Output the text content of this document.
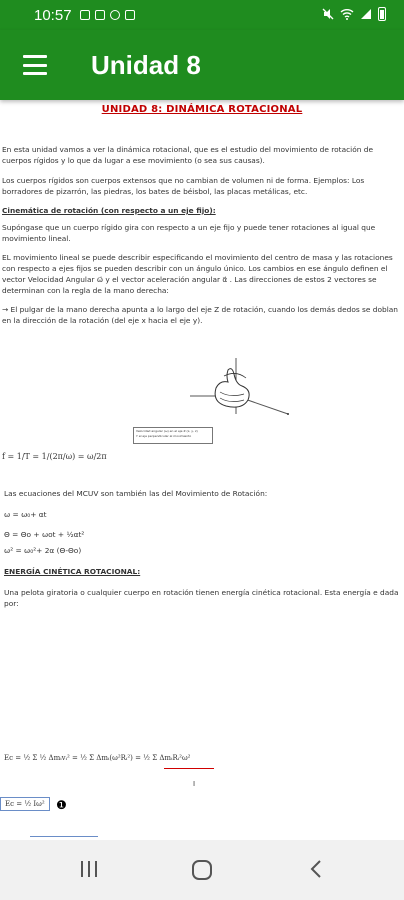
10:57
Unidad 8
UNIDAD 8: DINÁMICA ROTACIONAL

En esta unidad vamos a ver la dinámica rotacional, que es el estudio del movimiento de rotación de cuerpos rígidos y lo que da lugar a ese movimiento (o sea sus causas).

Los cuerpos rígidos son cuerpos extensos que no cambian de volumen ni de forma. Ejemplos: Los borradores de pizarrón, las piedras, los bates de béisbol, las placas metálicas, etc.

Cinemática de rotación (con respecto a un eje fijo):

Supóngase que un cuerpo rígido gira con respecto a un eje fijo y puede tener rotaciones al igual que movimiento lineal.

EL movimiento lineal se puede describir especificando el movimiento del centro de masa y las rotaciones con respecto a ejes fijos se pueden describir con un ángulo único. Los cambios en ese ángulo definen el vector Velocidad Angular ω⃗ y el vector aceleración angular α⃗ . Las direcciones de estos 2 vectores se determinan con la regla de la mano derecha:

→ El pulgar de la mano derecha apunta a lo largo del eje Z de rotación, cuando los demás dedos se doblan en la dirección de la rotación (del eje x hacia el eje y).

Velocidad angular (ω) en el eje Z (x, y, z)
Y el eje perpendicular al movimiento
f = 1/T = 1/(2π/ω) = ω/2π

Las ecuaciones del MCUV son también las del Movimiento de Rotación:

ω = ω₀+ αt

Θ = Θo + ωot + ½αt²

ω² = ω₀²+ 2α (Θ-Θo)

ENERGÍA CINÉTICA ROTACIONAL:

Una pelota giratoria o cualquier cuerpo en rotación tienen energía cinética rotacional. Esta energía e dada por:

Ec = ½ Σ ½ Δmᵢvᵢ² = ½ Σ Δmᵢ(ω²Rᵢ²) = ½ Σ ΔmᵢRᵢ²ω²
I
Ec = ½ Iω² ❶
